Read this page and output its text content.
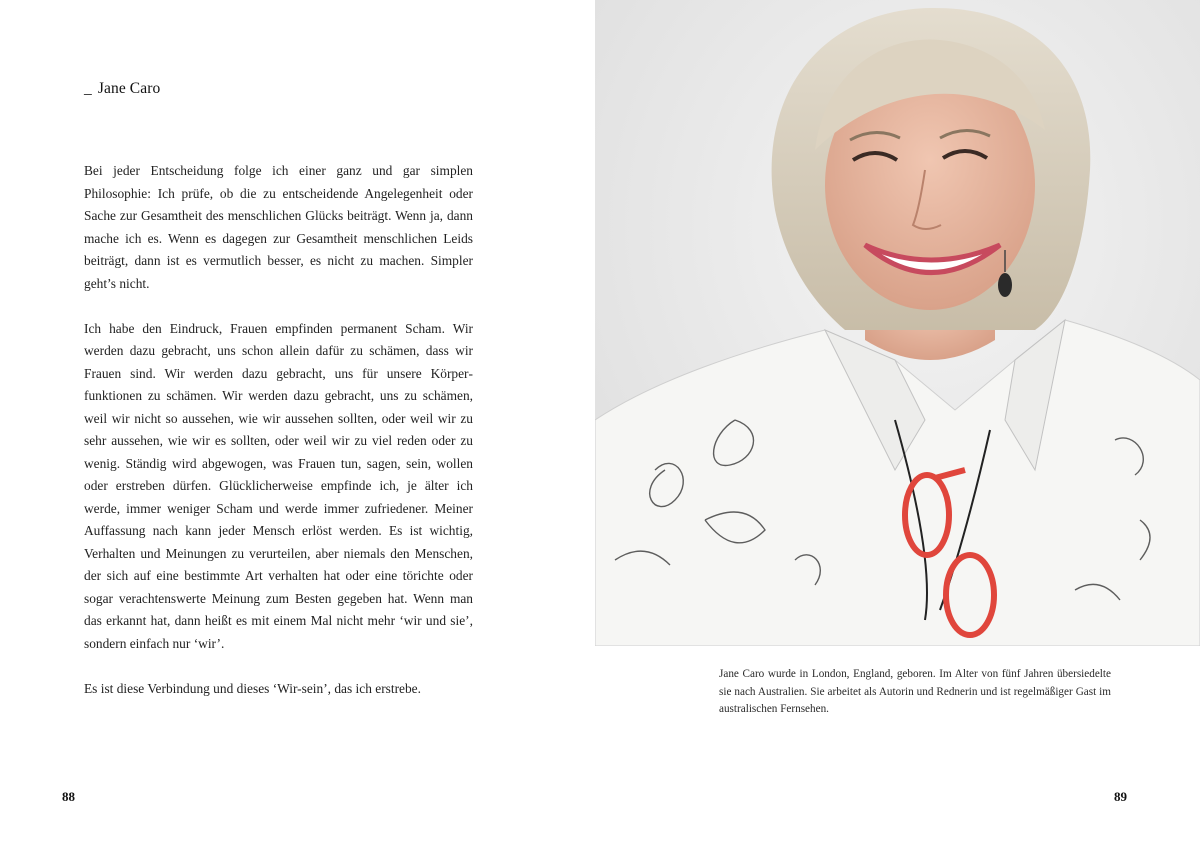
_ Jane Caro

Bei jeder Entscheidung folge ich einer ganz und gar simplen Philosophie: Ich prüfe, ob die zu entscheidende Angelegenheit oder Sache zur Gesamtheit des menschlichen Glücks beiträgt. Wenn ja, dann mache ich es. Wenn es dagegen zur Gesamtheit menschlichen Leids beiträgt, dann ist es vermutlich besser, es nicht zu machen. Simpler geht’s nicht.

Ich habe den Eindruck, Frauen empfinden permanent Scham. Wir werden dazu gebracht, uns schon allein dafür zu schämen, dass wir Frauen sind. Wir werden dazu gebracht, uns für unsere Körperfunktionen zu schämen. Wir werden dazu gebracht, uns zu schämen, weil wir nicht so aussehen, wie wir aussehen sollten, oder weil wir zu sehr aussehen, wie wir es sollten, oder weil wir zu viel reden oder zu wenig. Ständig wird abgewogen, was Frauen tun, sagen, sein, wollen oder erstreben dürfen. Glücklicherweise empfinde ich, je älter ich werde, immer weniger Scham und werde immer zufriedener. Meiner Auffassung nach kann jeder Mensch erlöst werden. Es ist wichtig, Verhalten und Meinungen zu verurteilen, aber niemals den Menschen, der sich auf eine bestimmte Art verhalten hat oder eine törichte oder sogar verachtenswerte Meinung zum Besten gegeben hat. Wenn man das erkannt hat, dann heißt es mit einem Mal nicht mehr ‘wir und sie’, sondern einfach nur ‘wir’.

Es ist diese Verbindung und dieses ‘Wir-sein’, das ich erstrebe.

88
Jane Caro wurde in London, England, geboren. Im Alter von fünf Jahren übersiedelte sie nach Australien. Sie arbeitet als Autorin und Rednerin und ist regelmäßiger Gast im australischen Fernsehen.
89
